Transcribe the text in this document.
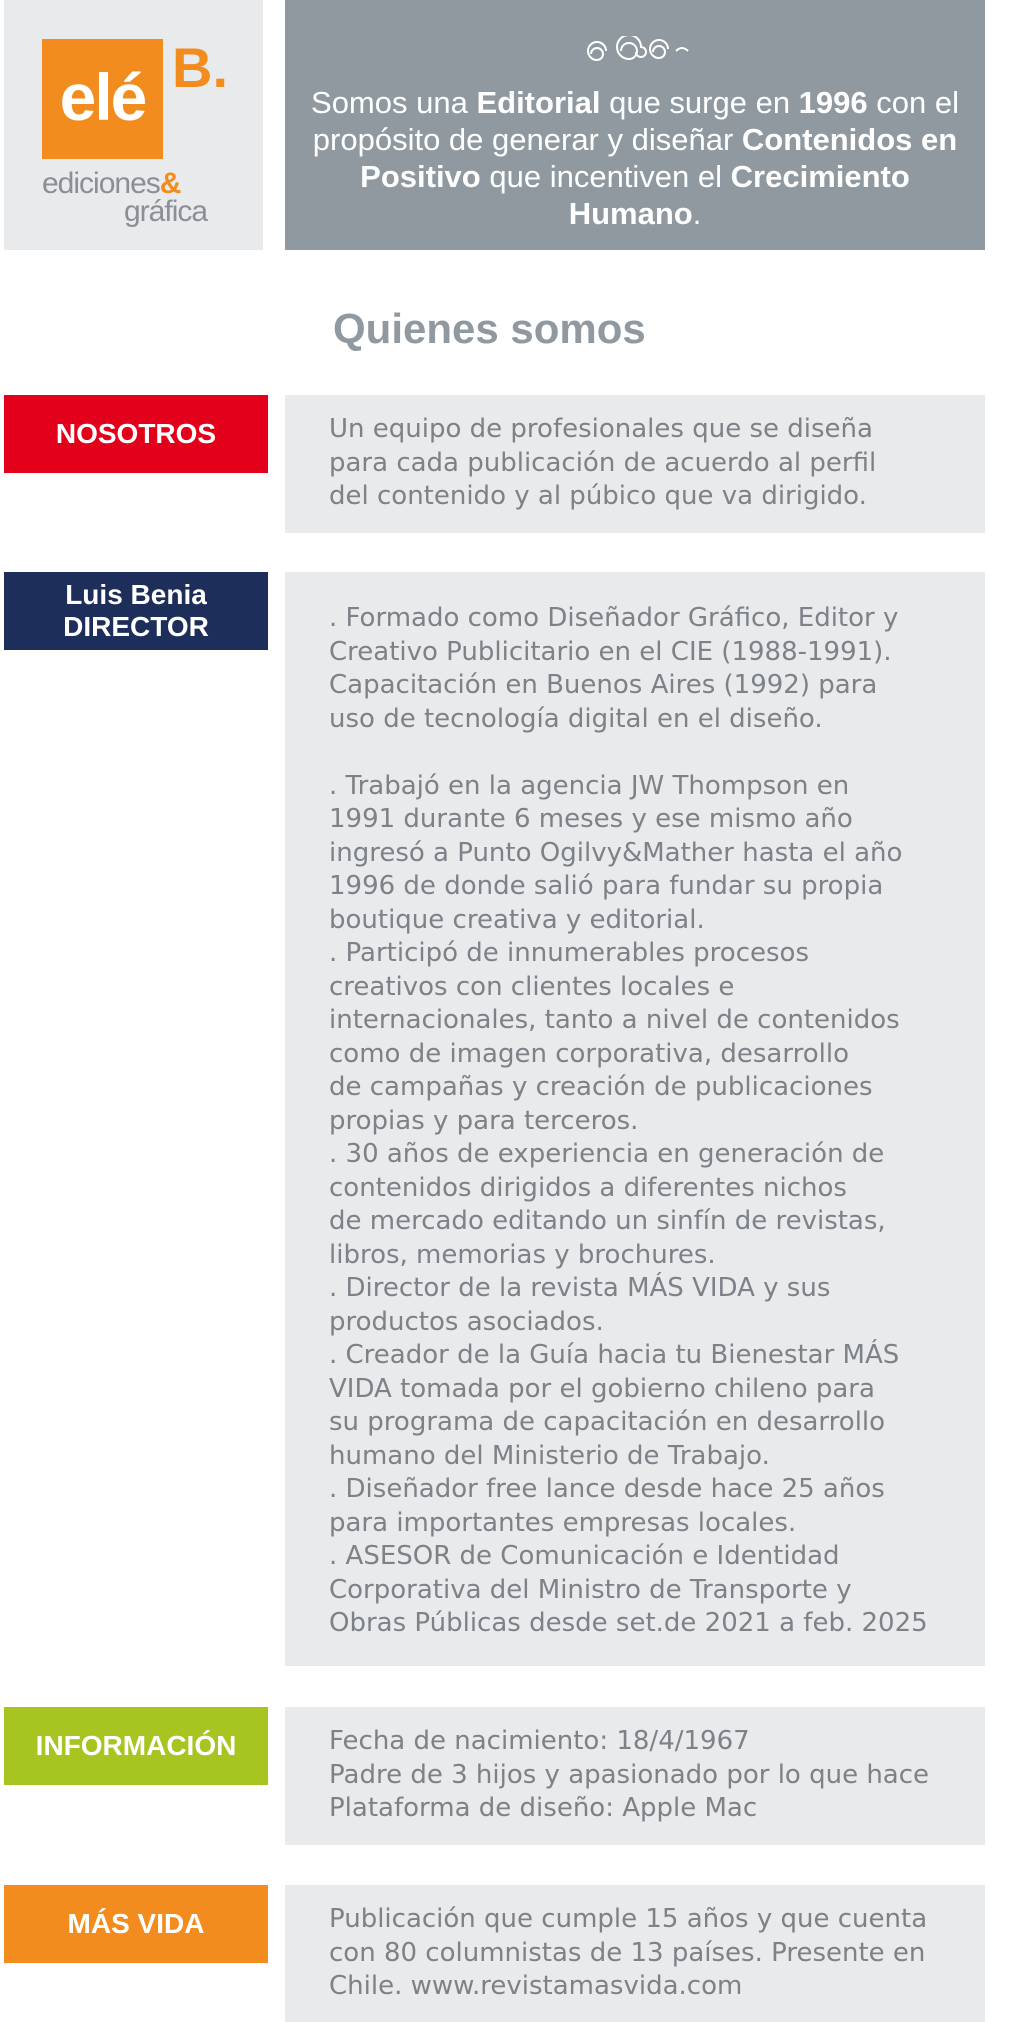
elé B.
ediciones&
gráfica
Somos una Editorial que surge en 1996 con el propósito de generar y diseñar Contenidos en Positivo que incentiven el Crecimiento Humano.
Quienes somos
NOSOTROS	Un equipo de profesionales que se diseña
para cada publicación de acuerdo al perfil
del contenido y al púbico que va dirigido.

Luis Benia
DIRECTOR	. Formado como Diseñador Gráfico, Editor y
Creativo Publicitario en el CIE (1988-1991).
Capacitación en Buenos Aires (1992) para
uso de tecnología digital en el diseño.

. Trabajó en la agencia JW Thompson en
1991 durante 6 meses y ese mismo año
ingresó a Punto Ogilvy&Mather hasta el año
1996 de donde salió para fundar su propia
boutique creativa y editorial.
. Participó de innumerables procesos
creativos con clientes locales e
internacionales, tanto a nivel de contenidos
como de imagen corporativa, desarrollo
de campañas y creación de publicaciones
propias y para terceros.
. 30 años de experiencia en generación de
contenidos dirigidos a diferentes nichos
de mercado editando un sinfín de revistas,
libros, memorias y brochures.
. Director de la revista MÁS VIDA y sus
productos asociados.
. Creador de la Guía hacia tu Bienestar MÁS
VIDA tomada por el gobierno chileno para
su programa de capacitación en desarrollo
humano del Ministerio de Trabajo.
. Diseñador free lance desde hace 25 años
para importantes empresas locales.
. ASESOR de Comunicación e Identidad
Corporativa del Ministro de Transporte y
Obras Públicas desde set.de 2021 a feb. 2025

INFORMACIÓN	Fecha de nacimiento: 18/4/1967
Padre de 3 hijos y apasionado por lo que hace
Plataforma de diseño: Apple Mac

MÁS VIDA	Publicación que cumple 15 años y que cuenta
con 80 columnistas de 13 países. Presente en
Chile. www.revistamasvida.com
